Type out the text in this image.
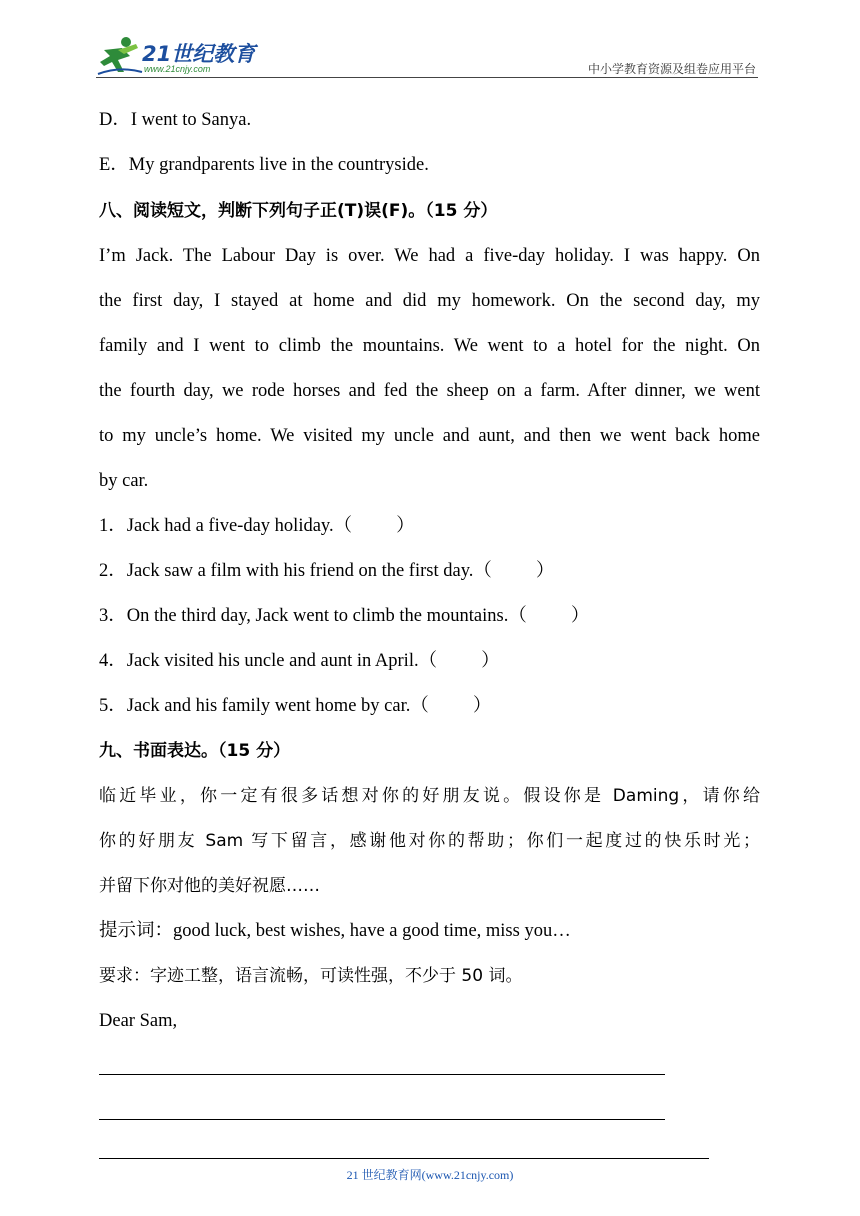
21世纪教育
www.21cnjy.com	中小学教育资源及组卷应用平台
D．I went to Sanya.
E．My grandparents live in the countryside.
八、阅读短文，判断下列句子正(T)误(F)。（15 分）
I’m Jack. The Labour Day is over. We had a five-day holiday. I was happy. On
the first day, I stayed at home and did my homework. On the second day, my
family and I went to climb the mountains. We went to a hotel for the night. On
the fourth day, we rode horses and fed the sheep on a farm. After dinner, we went
to my uncle’s home. We visited my uncle and aunt, and then we went back home
by car.
1．Jack had a five-day holiday.（ ）
2．Jack saw a film with his friend on the first day.（ ）
3．On the third day, Jack went to climb the mountains.（ ）
4．Jack visited his uncle and aunt in April.（ ）
5．Jack and his family went home by car.（ ）
九、书面表达。（15 分）
临近毕业，你一定有很多话想对你的好朋友说。假设你是 Daming，请你给
你的好朋友 Sam 写下留言，感谢他对你的帮助；你们一起度过的快乐时光；
并留下你对他的美好祝愿……
提示词：good luck, best wishes, have a good time, miss you…
要求：字迹工整，语言流畅，可读性强，不少于 50 词。
Dear Sam,
21 世纪教育网(www.21cnjy.com)
